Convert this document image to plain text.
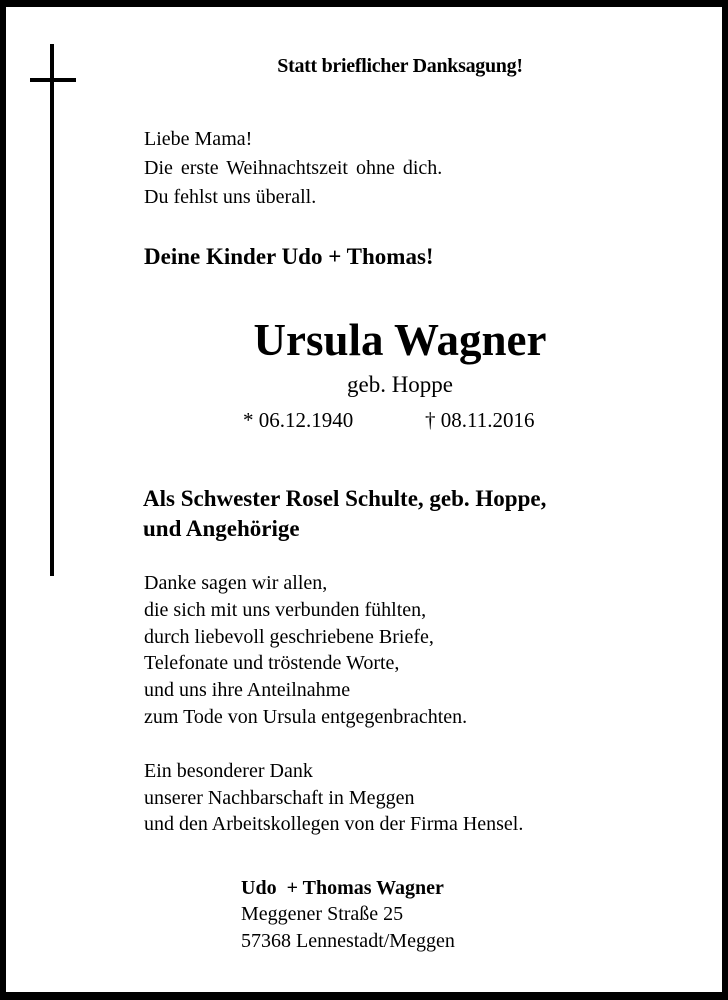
Statt brieflicher Danksagung!
Liebe Mama!
Die erste Weihnachtszeit ohne dich.
Du fehlst uns überall.
Deine Kinder Udo + Thomas!
Ursula Wagner
geb. Hoppe
* 06.12.1940	† 08.11.2016
Als Schwester Rosel Schulte, geb. Hoppe,
und Angehörige
Danke sagen wir allen,
die sich mit uns verbunden fühlten,
durch liebevoll geschriebene Briefe,
Telefonate und tröstende Worte,
und uns ihre Anteilnahme
zum Tode von Ursula entgegenbrachten.
Ein besonderer Dank
unserer Nachbarschaft in Meggen
und den Arbeitskollegen von der Firma Hensel.
Udo  + Thomas Wagner
Meggener Straße 25
57368 Lennestadt/Meggen
